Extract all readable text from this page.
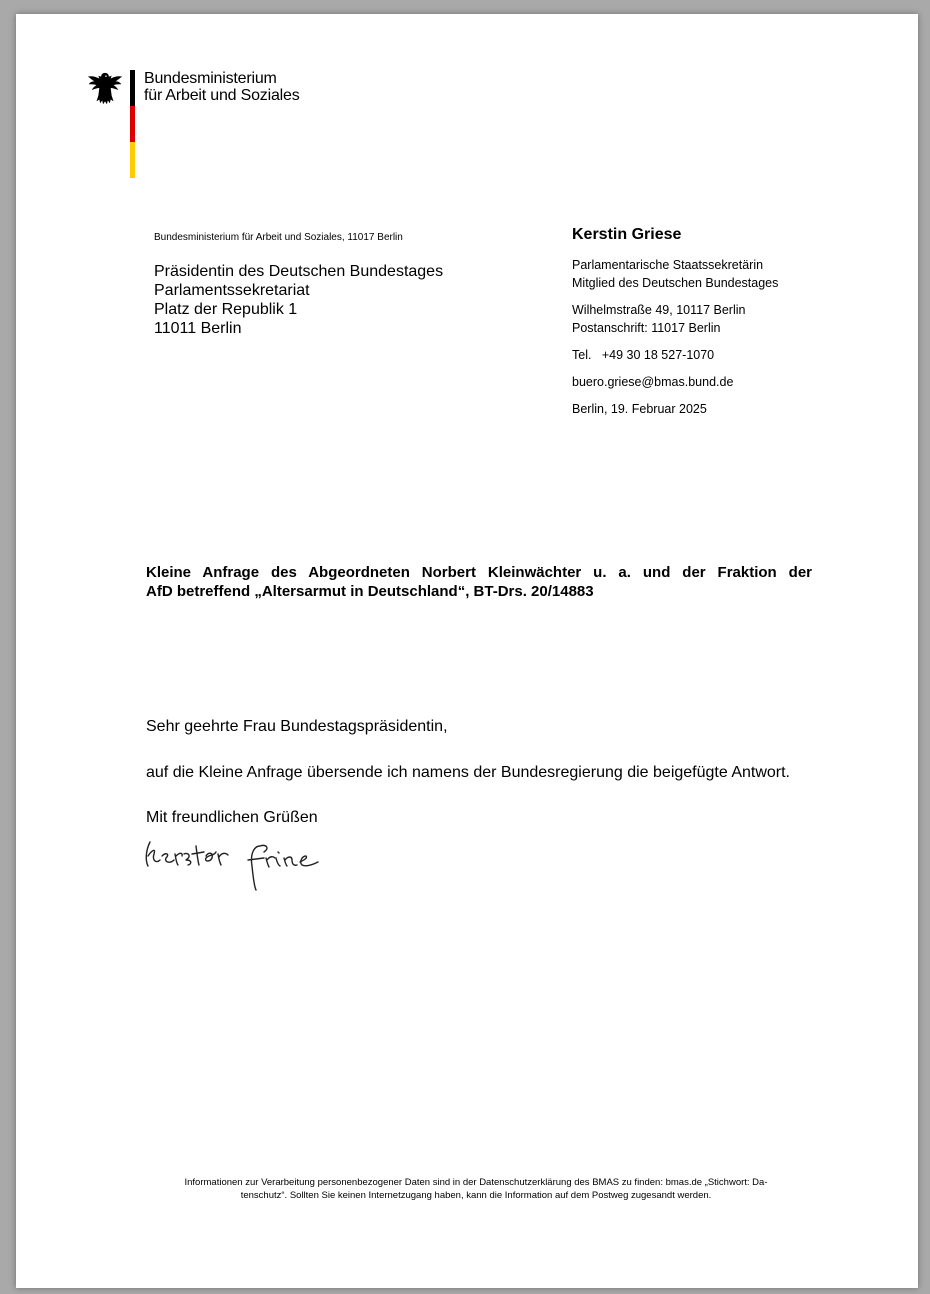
Bundesministerium
für Arbeit und Soziales
Bundesministerium für Arbeit und Soziales, 11017 Berlin
Präsidentin des Deutschen Bundestages
Parlamentssekretariat
Platz der Republik 1
11011 Berlin
Kerstin Griese
Parlamentarische Staatssekretärin
Mitglied des Deutschen Bundestages
Wilhelmstraße 49, 10117 Berlin
Postanschrift: 11017 Berlin
Tel.   +49 30 18 527-1070
buero.griese@bmas.bund.de
Berlin, 19. Februar 2025
Kleine Anfrage des Abgeordneten Norbert Kleinwächter u. a. und der Fraktion der
AfD betreffend „Altersarmut in Deutschland“, BT-Drs. 20/14883
Sehr geehrte Frau Bundestagspräsidentin,
auf die Kleine Anfrage übersende ich namens der Bundesregierung die beigefügte Antwort.
Mit freundlichen Grüßen
Informationen zur Verarbeitung personenbezogener Daten sind in der Datenschutzerklärung des BMAS zu finden: bmas.de „Stichwort: Da-
tenschutz“. Sollten Sie keinen Internetzugang haben, kann die Information auf dem Postweg zugesandt werden.
